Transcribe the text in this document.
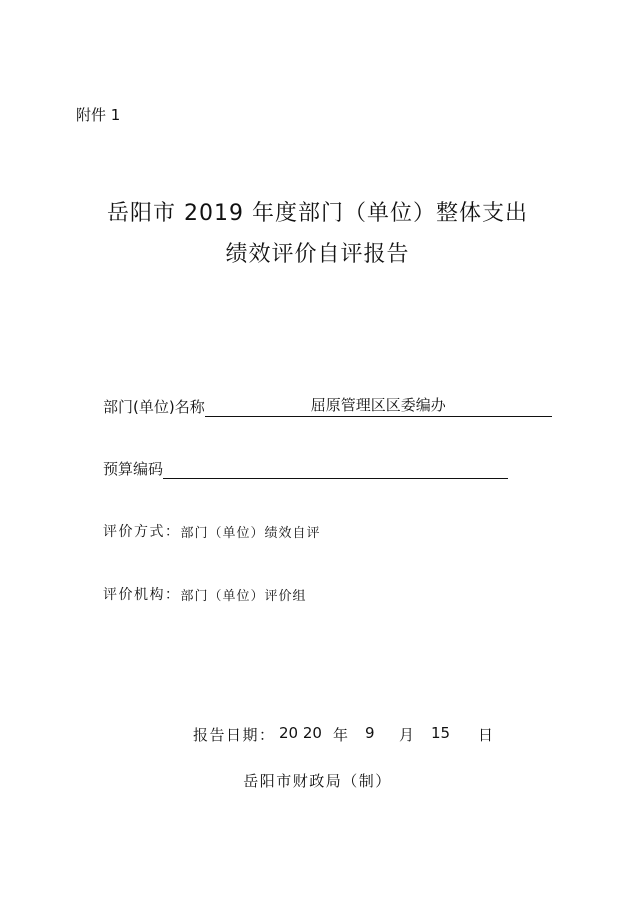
附件 1
岳阳市 2019 年度部门（单位）整体支出
绩效评价自评报告
部门(单位)名称	屈原管理区区委编办
预算编码
评价方式： 部门（单位）绩效自评
评价机构： 部门（单位）评价组
报告日期： 20 20 年 9 月 15 日
岳阳市财政局（制）
